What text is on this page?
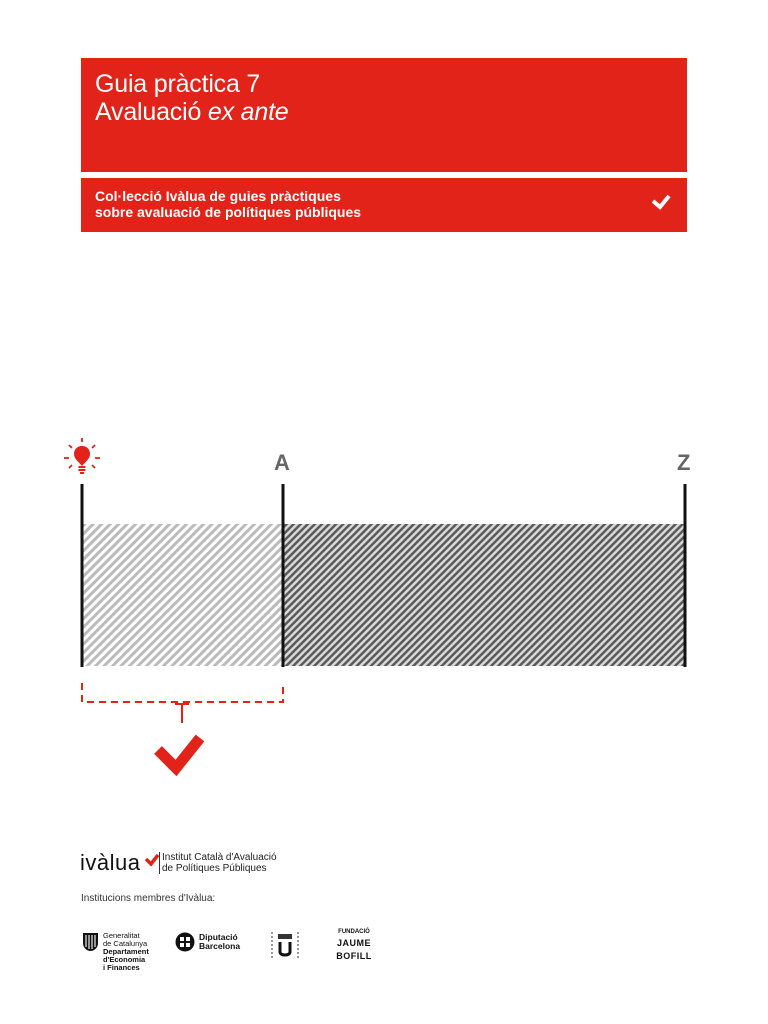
Guia pràctica 7
Avaluació ex ante
Col·lecció Ivàlua de guies pràctiques
sobre avaluació de polítiques públiques
A	Z
ivàlua Institut Català d'Avaluació
de Polítiques Públiques
Institucions membres d'Ivàlua:
Generalitat
de Catalunya
Departament
d'Economia
i Finances
Diputació
Barcelona
FUNDACIÓ
JAUME
BOFILL
